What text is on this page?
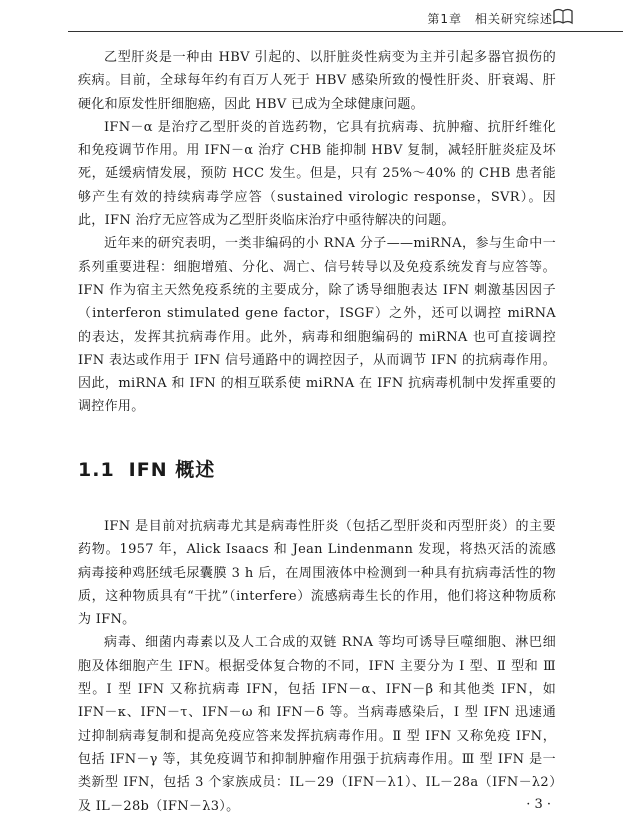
第1章　相关研究综述

乙型肝炎是一种由 HBV 引起的、以肝脏炎性病变为主并引起多器官损伤的疾病。目前，全球每年约有百万人死于 HBV 感染所致的慢性肝炎、肝衰竭、肝硬化和原发性肝细胞癌，因此 HBV 已成为全球健康问题。

IFN－α 是治疗乙型肝炎的首选药物，它具有抗病毒、抗肿瘤、抗肝纤维化和免疫调节作用。用 IFN－α 治疗 CHB 能抑制 HBV 复制，减轻肝脏炎症及坏死，延缓病情发展，预防 HCC 发生。但是，只有 25%～40% 的 CHB 患者能够产生有效的持续病毒学应答（sustained virologic response，SVR）。因此，IFN 治疗无应答成为乙型肝炎临床治疗中亟待解决的问题。

近年来的研究表明，一类非编码的小 RNA 分子——miRNA，参与生命中一系列重要进程：细胞增殖、分化、凋亡、信号转导以及免疫系统发育与应答等。IFN 作为宿主天然免疫系统的主要成分，除了诱导细胞表达 IFN 刺激基因因子（interferon stimulated gene factor，ISGF）之外，还可以调控 miRNA 的表达，发挥其抗病毒作用。此外，病毒和细胞编码的 miRNA 也可直接调控 IFN 表达或作用于 IFN 信号通路中的调控因子，从而调节 IFN 的抗病毒作用。因此，miRNA 和 IFN 的相互联系使 miRNA 在 IFN 抗病毒机制中发挥重要的调控作用。

1.1 IFN 概述

IFN 是目前对抗病毒尤其是病毒性肝炎（包括乙型肝炎和丙型肝炎）的主要药物。1957 年，Alick Isaacs 和 Jean Lindenmann 发现，将热灭活的流感病毒接种鸡胚绒毛尿囊膜 3 h 后，在周围液体中检测到一种具有抗病毒活性的物质，这种物质具有“干扰”（interfere）流感病毒生长的作用，他们将这种物质称为 IFN。

病毒、细菌内毒素以及人工合成的双链 RNA 等均可诱导巨噬细胞、淋巴细胞及体细胞产生 IFN。根据受体复合物的不同，IFN 主要分为 Ⅰ 型、Ⅱ 型和 Ⅲ 型。Ⅰ 型 IFN 又称抗病毒 IFN，包括 IFN－α、IFN－β 和其他类 IFN，如 IFN－κ、IFN－τ、IFN－ω 和 IFN－δ 等。当病毒感染后，Ⅰ 型 IFN 迅速通过抑制病毒复制和提高免疫应答来发挥抗病毒作用。Ⅱ 型 IFN 又称免疫 IFN，包括 IFN－γ 等，其免疫调节和抑制肿瘤作用强于抗病毒作用。Ⅲ 型 IFN 是一类新型 IFN，包括 3 个家族成员：IL－29（IFN－λ1）、IL－28a（IFN－λ2）及 IL－28b（IFN－λ3）。	· 3 ·
